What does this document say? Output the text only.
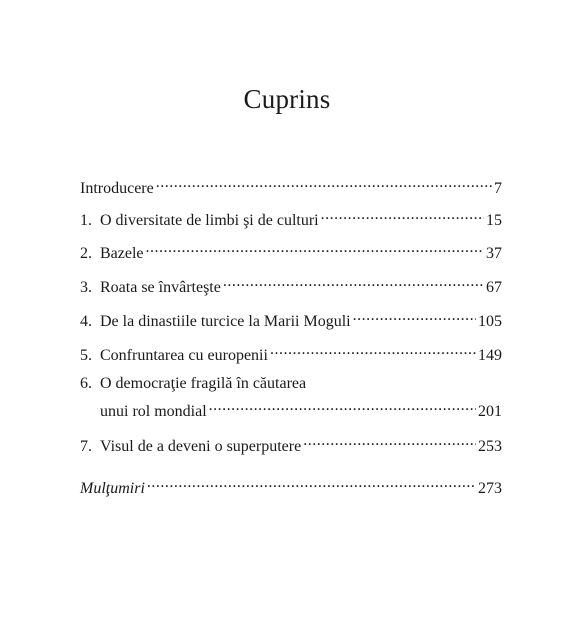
Cuprins
Introducere .....	7
1. O diversitate de limbi şi de culturi .....	15
2. Bazele .....	37
3. Roata se învârteşte .....	67
4. De la dinastiile turcice la Marii Moguli .....	105
5. Confruntarea cu europenii .....	149
6. O democraţie fragilă în căutarea
unui rol mondial .....	201
7. Visul de a deveni o superputere .....	253
Mulţumiri .....	273
